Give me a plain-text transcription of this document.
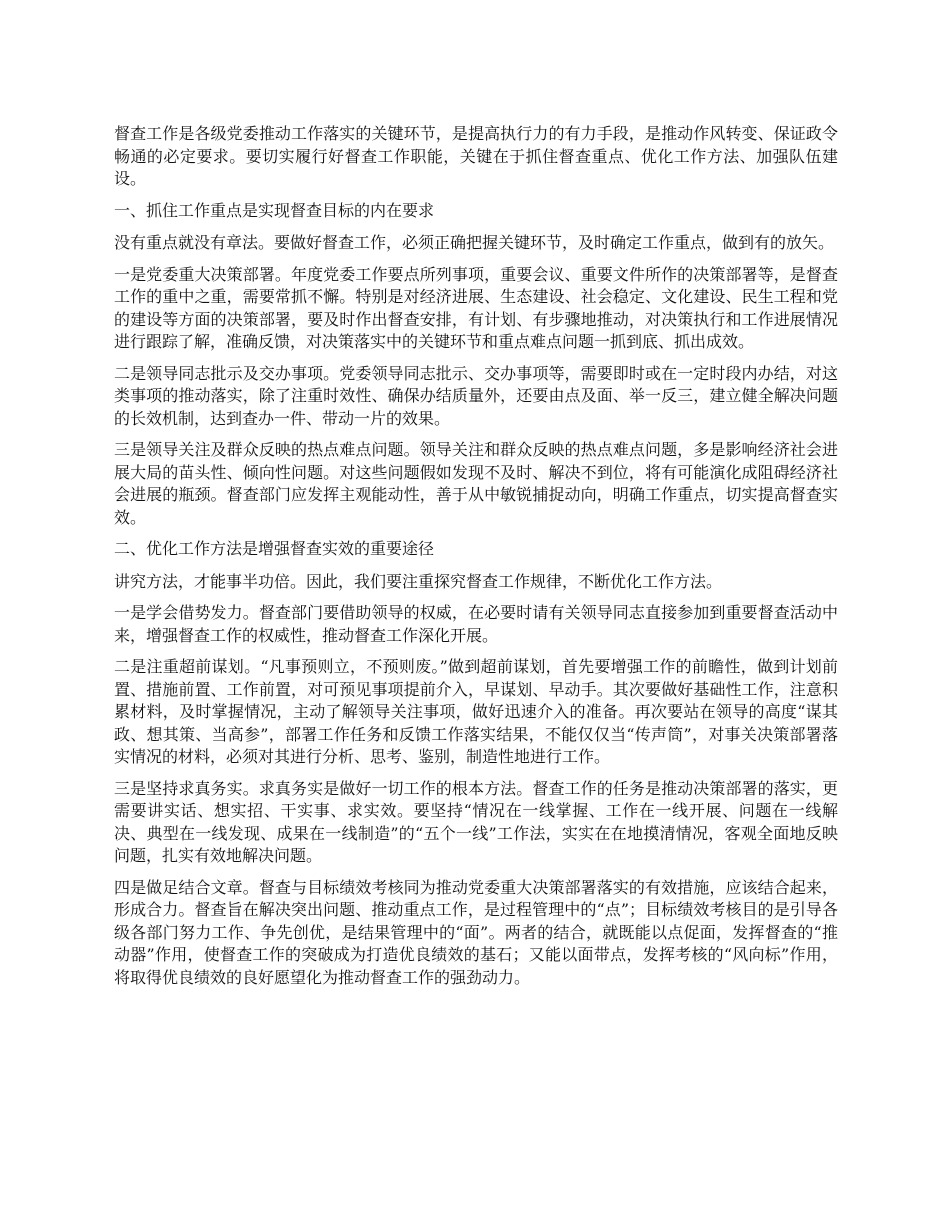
督查工作是各级党委推动工作落实的关键环节，是提高执行力的有力手段，是推动作风转变、保证政令畅通的必定要求。要切实履行好督查工作职能，关键在于抓住督查重点、优化工作方法、加强队伍建设。

一、抓住工作重点是实现督查目标的内在要求

没有重点就没有章法。要做好督查工作，必须正确把握关键环节，及时确定工作重点，做到有的放矢。

一是党委重大决策部署。年度党委工作要点所列事项，重要会议、重要文件所作的决策部署等，是督查工作的重中之重，需要常抓不懈。特别是对经济进展、生态建设、社会稳定、文化建设、民生工程和党的建设等方面的决策部署，要及时作出督查安排，有计划、有步骤地推动，对决策执行和工作进展情况进行跟踪了解，准确反馈，对决策落实中的关键环节和重点难点问题一抓到底、抓出成效。

二是领导同志批示及交办事项。党委领导同志批示、交办事项等，需要即时或在一定时段内办结，对这类事项的推动落实，除了注重时效性、确保办结质量外，还要由点及面、举一反三，建立健全解决问题的长效机制，达到查办一件、带动一片的效果。

三是领导关注及群众反映的热点难点问题。领导关注和群众反映的热点难点问题，多是影响经济社会进展大局的苗头性、倾向性问题。对这些问题假如发现不及时、解决不到位，将有可能演化成阻碍经济社会进展的瓶颈。督查部门应发挥主观能动性，善于从中敏锐捕捉动向，明确工作重点，切实提高督查实效。

二、优化工作方法是增强督查实效的重要途径

讲究方法，才能事半功倍。因此，我们要注重探究督查工作规律，不断优化工作方法。

一是学会借势发力。督查部门要借助领导的权威，在必要时请有关领导同志直接参加到重要督查活动中来，增强督查工作的权威性，推动督查工作深化开展。

二是注重超前谋划。“凡事预则立，不预则废。”做到超前谋划，首先要增强工作的前瞻性，做到计划前置、措施前置、工作前置，对可预见事项提前介入，早谋划、早动手。其次要做好基础性工作，注意积累材料，及时掌握情况，主动了解领导关注事项，做好迅速介入的准备。再次要站在领导的高度“谋其政、想其策、当高参”，部署工作任务和反馈工作落实结果，不能仅仅当“传声筒”，对事关决策部署落实情况的材料，必须对其进行分析、思考、鉴别，制造性地进行工作。

三是坚持求真务实。求真务实是做好一切工作的根本方法。督查工作的任务是推动决策部署的落实，更需要讲实话、想实招、干实事、求实效。要坚持“情况在一线掌握、工作在一线开展、问题在一线解决、典型在一线发现、成果在一线制造”的“五个一线”工作法，实实在在地摸清情况，客观全面地反映问题，扎实有效地解决问题。

四是做足结合文章。督查与目标绩效考核同为推动党委重大决策部署落实的有效措施，应该结合起来，形成合力。督查旨在解决突出问题、推动重点工作，是过程管理中的“点”；目标绩效考核目的是引导各级各部门努力工作、争先创优，是结果管理中的“面”。两者的结合，就既能以点促面，发挥督查的“推动器”作用，使督查工作的突破成为打造优良绩效的基石；又能以面带点，发挥考核的“风向标”作用，将取得优良绩效的良好愿望化为推动督查工作的强劲动力。
